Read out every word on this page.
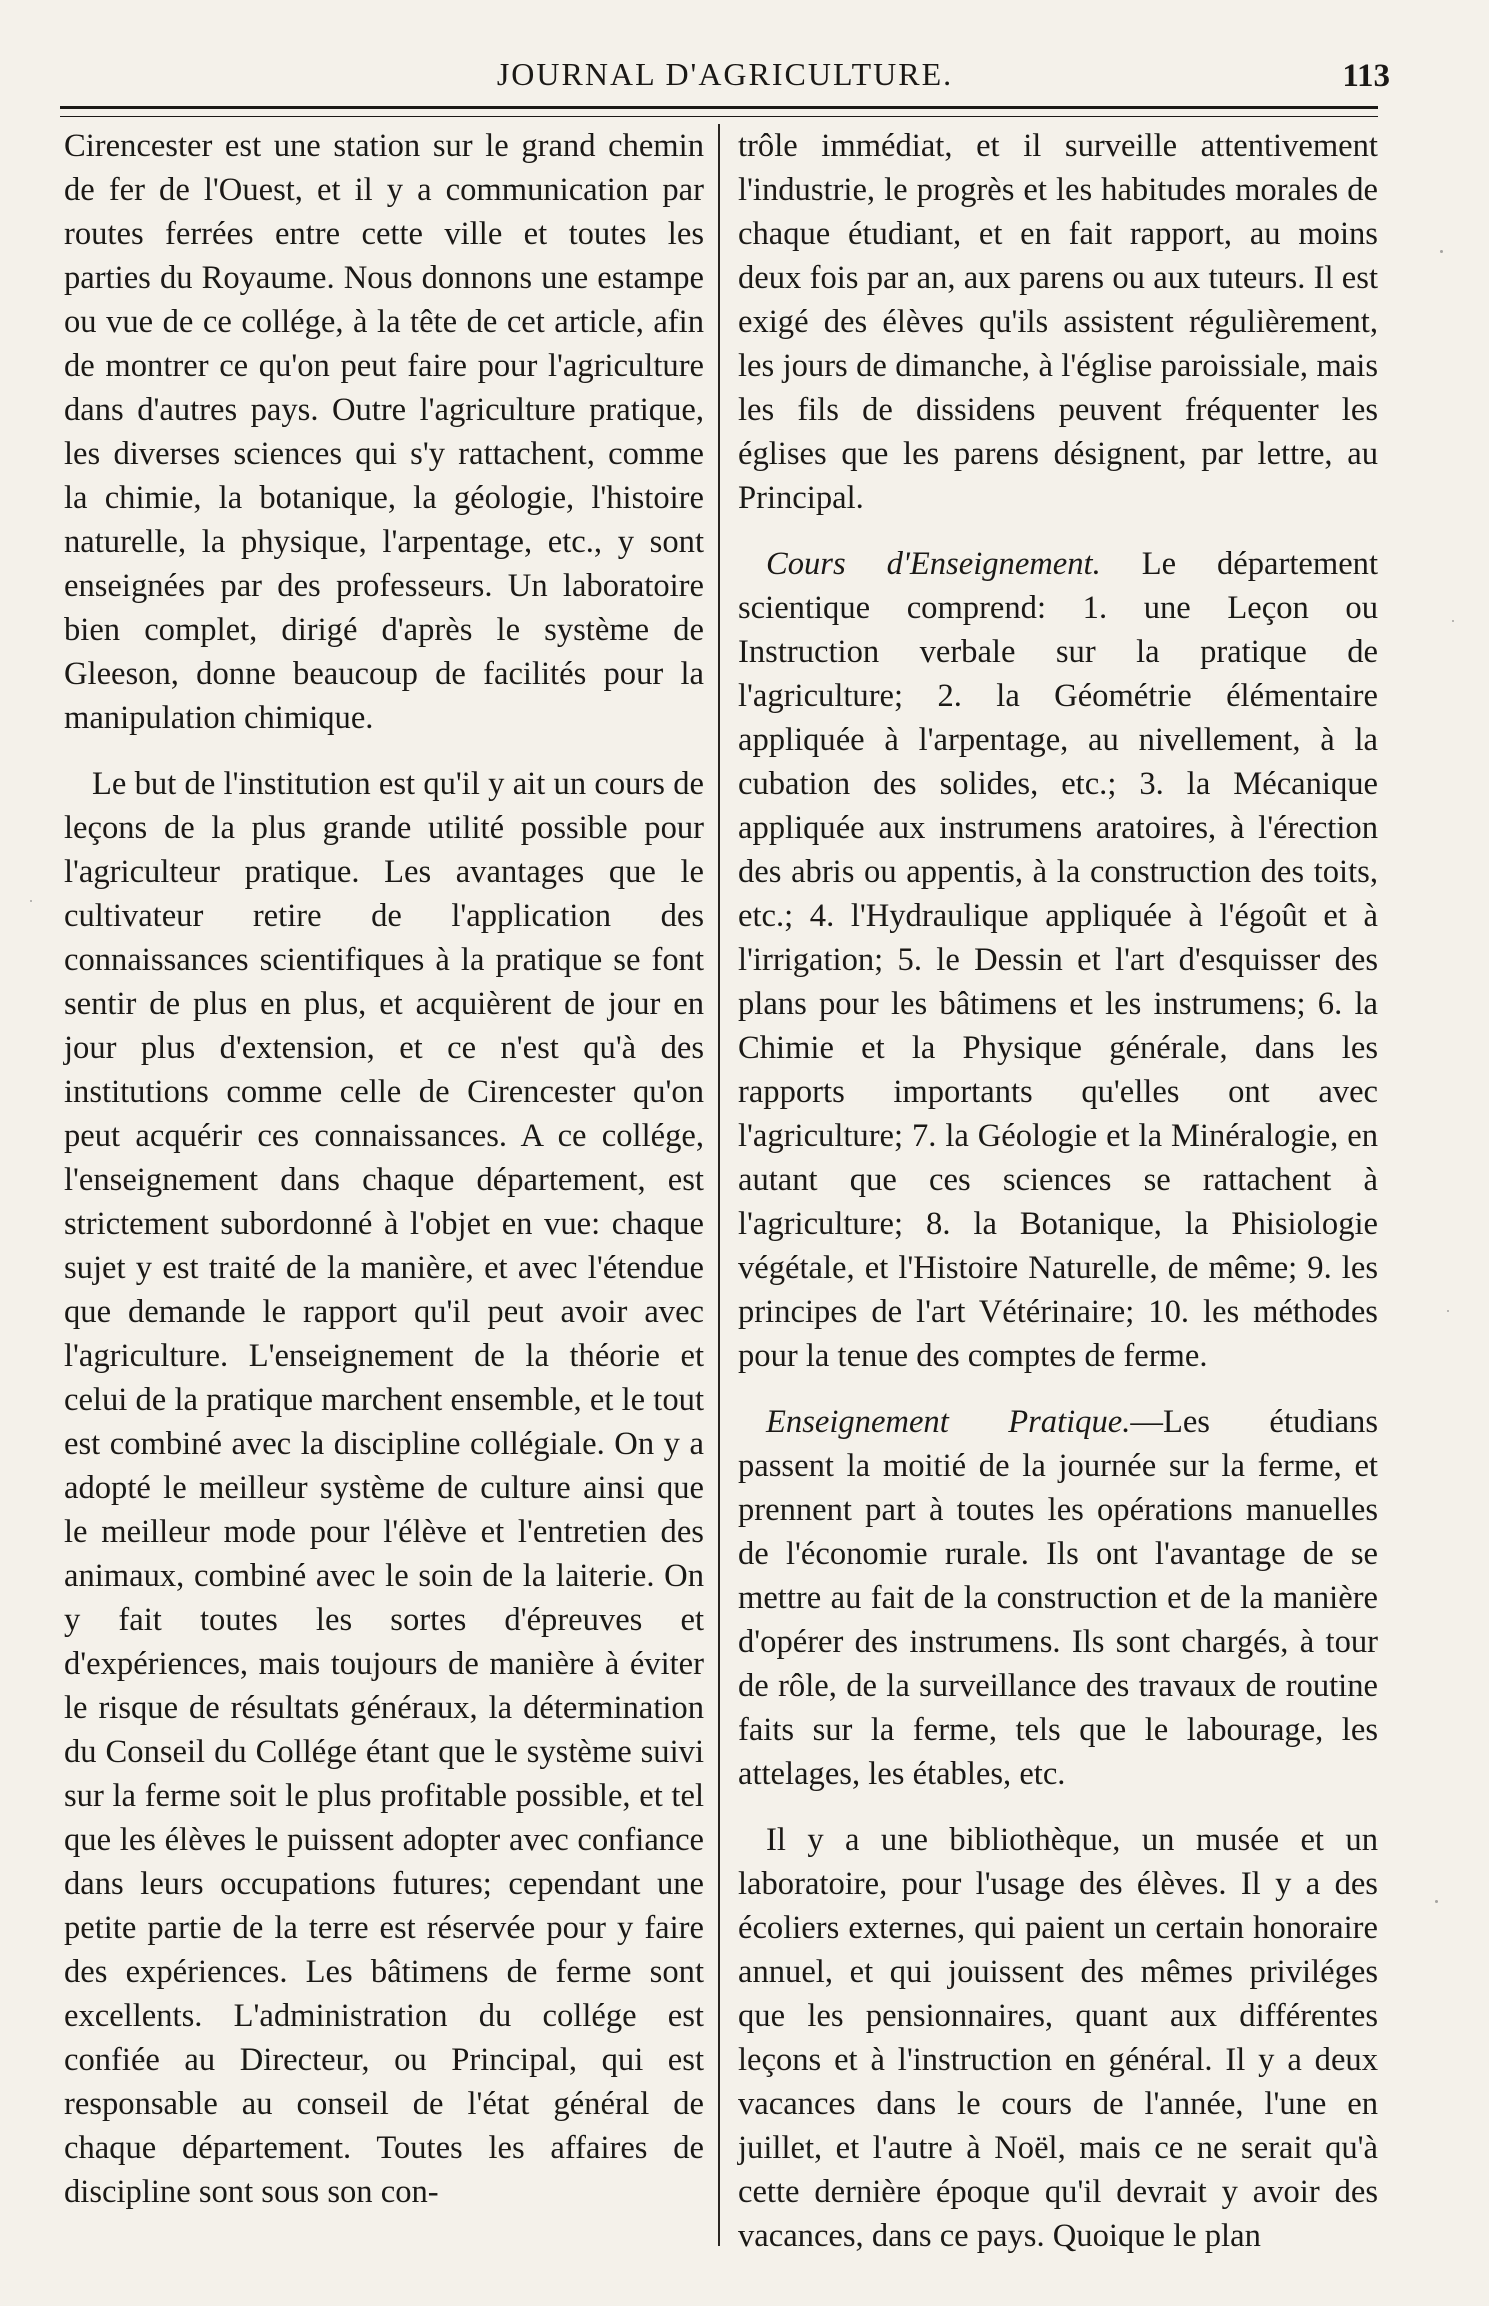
JOURNAL D'AGRICULTURE.	113

Cirencester est une station sur le grand chemin de fer de l'Ouest, et il y a communication par routes ferrées entre cette ville et toutes les parties du Royaume. Nous donnons une estampe ou vue de ce collége, à la tête de cet article, afin de montrer ce qu'on peut faire pour l'agriculture dans d'autres pays. Outre l'agriculture pratique, les diverses sciences qui s'y rattachent, comme la chimie, la botanique, la géologie, l'histoire naturelle, la physique, l'arpentage, etc., y sont enseignées par des professeurs. Un laboratoire bien complet, dirigé d'après le système de Gleeson, donne beaucoup de facilités pour la manipulation chimique.

Le but de l'institution est qu'il y ait un cours de leçons de la plus grande utilité possible pour l'agriculteur pratique. Les avantages que le cultivateur retire de l'application des connaissances scientifiques à la pratique se font sentir de plus en plus, et acquièrent de jour en jour plus d'extension, et ce n'est qu'à des institutions comme celle de Cirencester qu'on peut acquérir ces connaissances. A ce collége, l'enseignement dans chaque département, est strictement subordonné à l'objet en vue: chaque sujet y est traité de la manière, et avec l'étendue que demande le rapport qu'il peut avoir avec l'agriculture. L'enseignement de la théorie et celui de la pratique marchent ensemble, et le tout est combiné avec la discipline collégiale. On y a adopté le meilleur système de culture ainsi que le meilleur mode pour l'élève et l'entretien des animaux, combiné avec le soin de la laiterie. On y fait toutes les sortes d'épreuves et d'expériences, mais toujours de manière à éviter le risque de résultats généraux, la détermination du Conseil du Collége étant que le système suivi sur la ferme soit le plus profitable possible, et tel que les élèves le puissent adopter avec confiance dans leurs occupations futures; cependant une petite partie de la terre est réservée pour y faire des expériences. Les bâtimens de ferme sont excellents. L'administration du collége est confiée au Directeur, ou Principal, qui est responsable au conseil de l'état général de chaque département. Toutes les affaires de discipline sont sous son con-

trôle immédiat, et il surveille attentivement l'industrie, le progrès et les habitudes morales de chaque étudiant, et en fait rapport, au moins deux fois par an, aux parens ou aux tuteurs. Il est exigé des élèves qu'ils assistent régulièrement, les jours de dimanche, à l'église paroissiale, mais les fils de dissidens peuvent fréquenter les églises que les parens désignent, par lettre, au Principal.

Cours d'Enseignement. Le département scientique comprend: 1. une Leçon ou Instruction verbale sur la pratique de l'agriculture; 2. la Géométrie élémentaire appliquée à l'arpentage, au nivellement, à la cubation des solides, etc.; 3. la Mécanique appliquée aux instrumens aratoires, à l'érection des abris ou appentis, à la construction des toits, etc.; 4. l'Hydraulique appliquée à l'égoût et à l'irrigation; 5. le Dessin et l'art d'esquisser des plans pour les bâtimens et les instrumens; 6. la Chimie et la Physique générale, dans les rapports importants qu'elles ont avec l'agriculture; 7. la Géologie et la Minéralogie, en autant que ces sciences se rattachent à l'agriculture; 8. la Botanique, la Phisiologie végétale, et l'Histoire Naturelle, de même; 9. les principes de l'art Vétérinaire; 10. les méthodes pour la tenue des comptes de ferme.

Enseignement Pratique.—Les étudians passent la moitié de la journée sur la ferme, et prennent part à toutes les opérations manuelles de l'économie rurale. Ils ont l'avantage de se mettre au fait de la construction et de la manière d'opérer des instrumens. Ils sont chargés, à tour de rôle, de la surveillance des travaux de routine faits sur la ferme, tels que le labourage, les attelages, les étables, etc.

Il y a une bibliothèque, un musée et un laboratoire, pour l'usage des élèves. Il y a des écoliers externes, qui paient un certain honoraire annuel, et qui jouissent des mêmes priviléges que les pensionnaires, quant aux différentes leçons et à l'instruction en général. Il y a deux vacances dans le cours de l'année, l'une en juillet, et l'autre à Noël, mais ce ne serait qu'à cette dernière époque qu'il devrait y avoir des vacances, dans ce pays. Quoique le plan
